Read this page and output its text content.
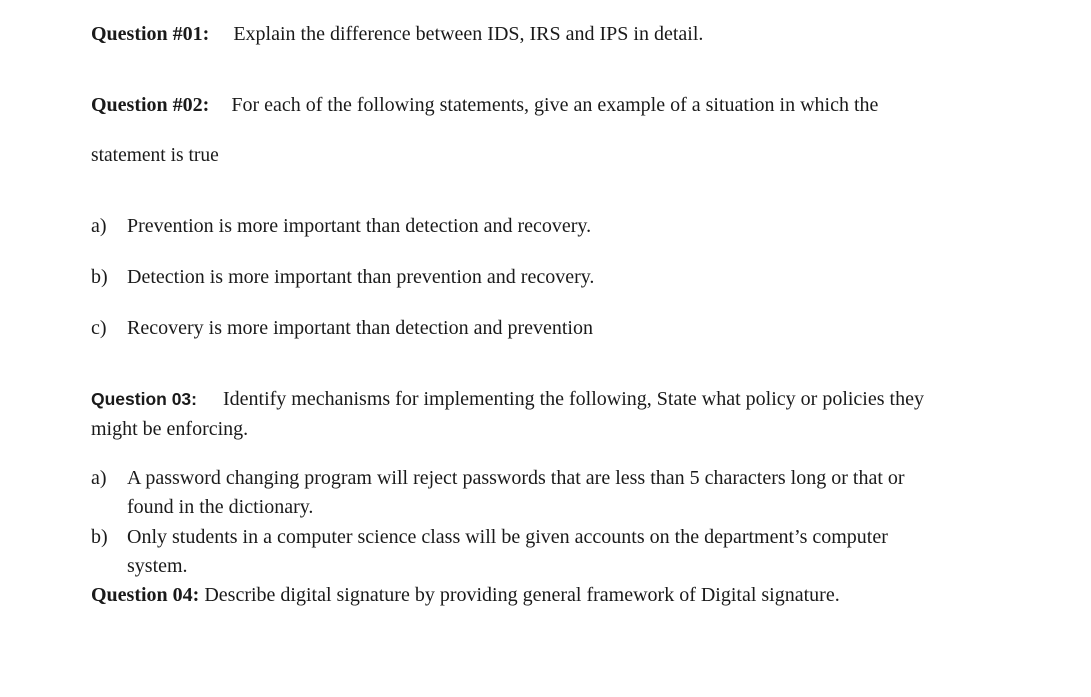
Question #01: Explain the difference between IDS, IRS and IPS in detail.
Question #02: For each of the following statements, give an example of a situation in which the
statement is true
a) Prevention is more important than detection and recovery.
b) Detection is more important than prevention and recovery.
c) Recovery is more important than detection and prevention
Question 03: Identify mechanisms for implementing the following, State what policy or policies they
might be enforcing.
a) A password changing program will reject passwords that are less than 5 characters long or that or
found in the dictionary.
b) Only students in a computer science class will be given accounts on the department’s computer
system.
Question 04: Describe digital signature by providing general framework of Digital signature.
